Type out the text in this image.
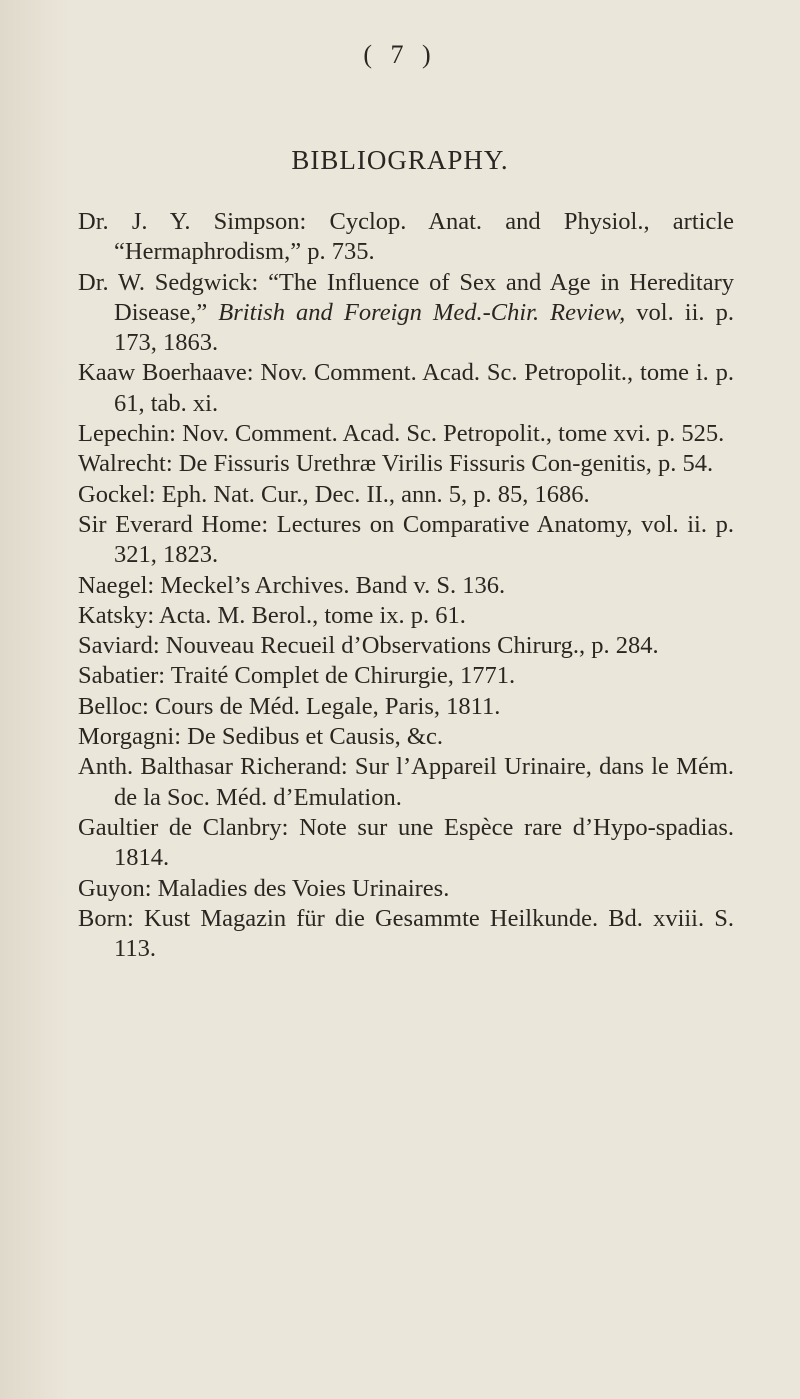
( 7 )
BIBLIOGRAPHY.
Dr. J. Y. Simpson: Cyclop. Anat. and Physiol., article “Hermaphrodism,” p. 735.
Dr. W. Sedgwick: “The Influence of Sex and Age in Hereditary Disease,” British and Foreign Med.-Chir. Review, vol. ii. p. 173, 1863.
Kaaw Boerhaave: Nov. Comment. Acad. Sc. Petropolit., tome i. p. 61, tab. xi.
Lepechin: Nov. Comment. Acad. Sc. Petropolit., tome xvi. p. 525.
Walrecht: De Fissuris Urethræ Virilis Fissuris Con-genitis, p. 54.
Gockel: Eph. Nat. Cur., Dec. II., ann. 5, p. 85, 1686.
Sir Everard Home: Lectures on Comparative Anatomy, vol. ii. p. 321, 1823.
Naegel: Meckel’s Archives. Band v. S. 136.
Katsky: Acta. M. Berol., tome ix. p. 61.
Saviard: Nouveau Recueil d’Observations Chirurg., p. 284.
Sabatier: Traité Complet de Chirurgie, 1771.
Belloc: Cours de Méd. Legale, Paris, 1811.
Morgagni: De Sedibus et Causis, &c.
Anth. Balthasar Richerand: Sur l’Appareil Urinaire, dans le Mém. de la Soc. Méd. d’Emulation.
Gaultier de Clanbry: Note sur une Espèce rare d’Hypo-spadias. 1814.
Guyon: Maladies des Voies Urinaires.
Born: Kust Magazin für die Gesammte Heilkunde. Bd. xviii. S. 113.
